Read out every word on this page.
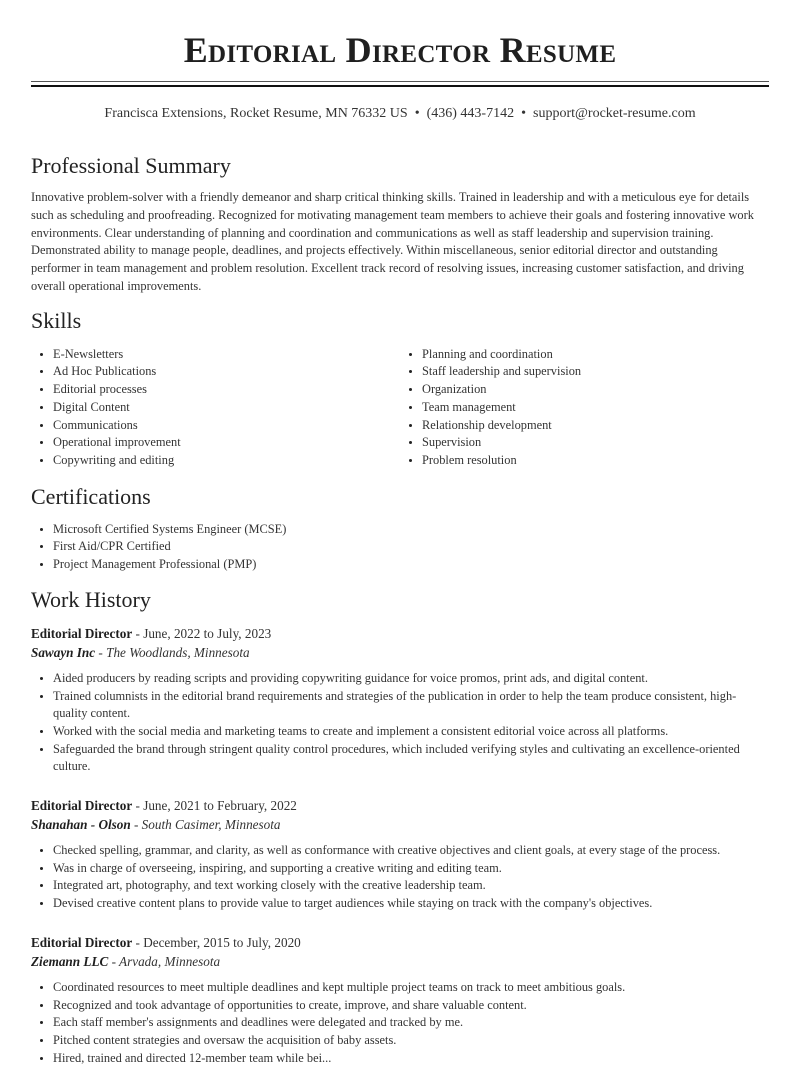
Editorial Director Resume
Francisca Extensions, Rocket Resume, MN 76332 US • (436) 443-7142 • support@rocket-resume.com
Professional Summary

Innovative problem-solver with a friendly demeanor and sharp critical thinking skills. Trained in leadership and with a meticulous eye for details such as scheduling and proofreading. Recognized for motivating management team members to achieve their goals and fostering innovative work environments. Clear understanding of planning and coordination and communications as well as staff leadership and supervision training. Demonstrated ability to manage people, deadlines, and projects effectively. Within miscellaneous, senior editorial director and outstanding performer in team management and problem resolution. Excellent track record of resolving issues, increasing customer satisfaction, and driving overall operational improvements.

Skills
• E-Newsletters
• Ad Hoc Publications
• Editorial processes
• Digital Content
• Communications
• Operational improvement
• Copywriting and editing
• Planning and coordination
• Staff leadership and supervision
• Organization
• Team management
• Relationship development
• Supervision
• Problem resolution
Certifications
• Microsoft Certified Systems Engineer (MCSE)
• First Aid/CPR Certified
• Project Management Professional (PMP)
Work History
Editorial Director - June, 2022 to July, 2023
Sawayn Inc - The Woodlands, Minnesota
• Aided producers by reading scripts and providing copywriting guidance for voice promos, print ads, and digital content.
• Trained columnists in the editorial brand requirements and strategies of the publication in order to help the team produce consistent, high-quality content.
• Worked with the social media and marketing teams to create and implement a consistent editorial voice across all platforms.
• Safeguarded the brand through stringent quality control procedures, which included verifying styles and cultivating an excellence-oriented culture.
Editorial Director - June, 2021 to February, 2022
Shanahan - Olson - South Casimer, Minnesota
• Checked spelling, grammar, and clarity, as well as conformance with creative objectives and client goals, at every stage of the process.
• Was in charge of overseeing, inspiring, and supporting a creative writing and editing team.
• Integrated art, photography, and text working closely with the creative leadership team.
• Devised creative content plans to provide value to target audiences while staying on track with the company's objectives.
Editorial Director - December, 2015 to July, 2020
Ziemann LLC - Arvada, Minnesota
• Coordinated resources to meet multiple deadlines and kept multiple project teams on track to meet ambitious goals.
• Recognized and took advantage of opportunities to create, improve, and share valuable content.
• Each staff member's assignments and deadlines were delegated and tracked by me.
• Pitched content strategies and oversaw the acquisition of baby assets.
• Hired, trained and directed 12-member team while bei...
